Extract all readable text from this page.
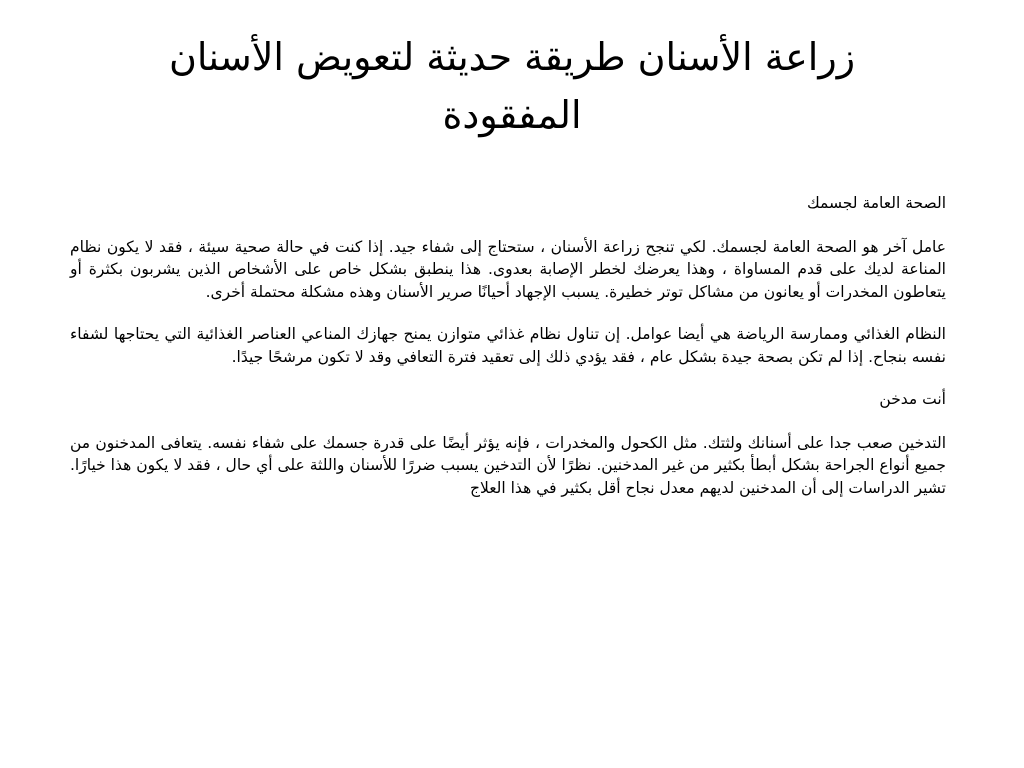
زراعة الأسنان طريقة حديثة لتعويض الأسنان المفقودة

الصحة العامة لجسمك

عامل آخر هو الصحة العامة لجسمك. لكي تنجح زراعة الأسنان ، ستحتاج إلى شفاء جيد. إذا كنت في حالة صحية سيئة ، فقد لا يكون نظام المناعة لديك على قدم المساواة ، وهذا يعرضك لخطر الإصابة بعدوى. هذا ينطبق بشكل خاص على الأشخاص الذين يشربون بكثرة أو يتعاطون المخدرات أو يعانون من مشاكل توتر خطيرة. يسبب الإجهاد أحيانًا صرير الأسنان وهذه مشكلة محتملة أخرى.

النظام الغذائي وممارسة الرياضة هي أيضا عوامل. إن تناول نظام غذائي متوازن يمنح جهازك المناعي العناصر الغذائية التي يحتاجها لشفاء نفسه بنجاح. إذا لم تكن بصحة جيدة بشكل عام ، فقد يؤدي ذلك إلى تعقيد فترة التعافي وقد لا تكون مرشحًا جيدًا.

أنت مدخن

التدخين صعب جدا على أسنانك ولثتك. مثل الكحول والمخدرات ، فإنه يؤثر أيضًا على قدرة جسمك على شفاء نفسه. يتعافى المدخنون من جميع أنواع الجراحة بشكل أبطأ بكثير من غير المدخنين. نظرًا لأن التدخين يسبب ضررًا للأسنان واللثة على أي حال ، فقد لا يكون هذا خيارًا. تشير الدراسات إلى أن المدخنين لديهم معدل نجاح أقل بكثير في هذا العلاج
